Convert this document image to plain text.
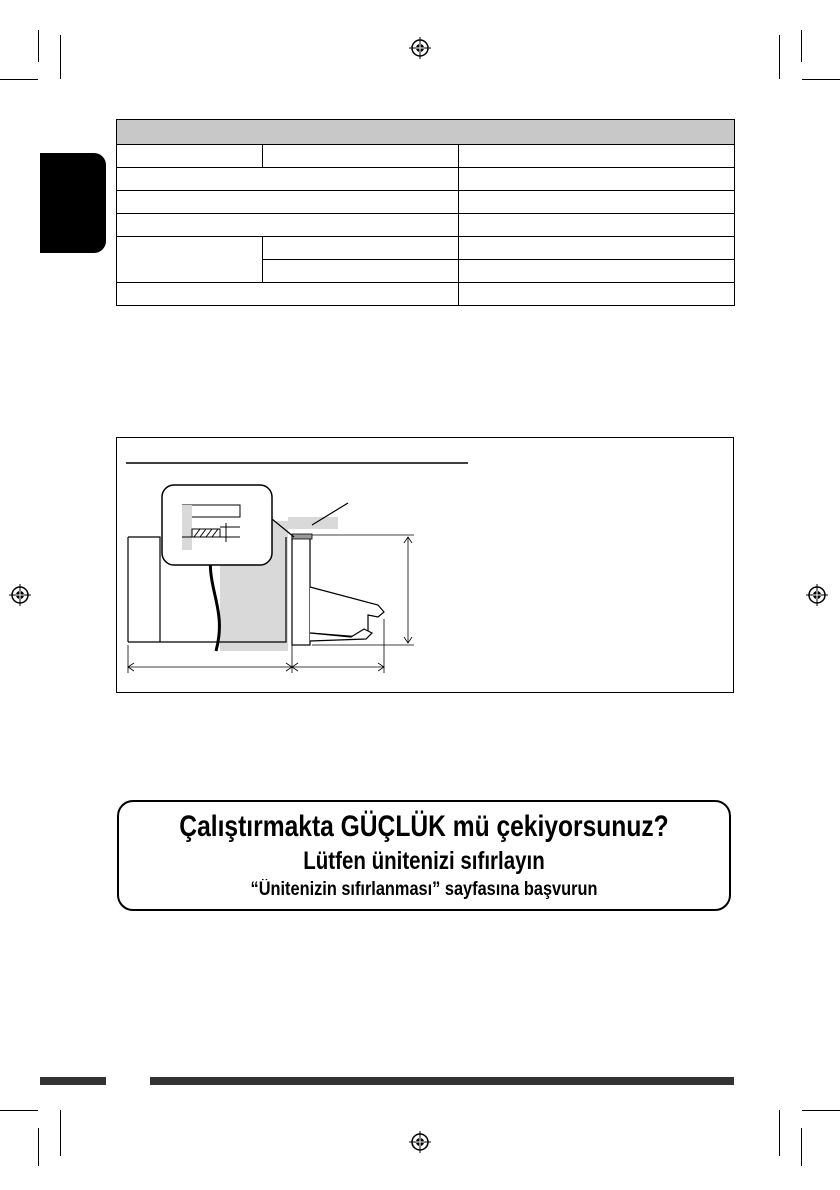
Çalıştırmakta GÜÇLÜK mü çekiyorsunuz?
Lütfen ünitenizi sıfırlayın
“Ünitenizin sıfırlanması” sayfasına başvurun
